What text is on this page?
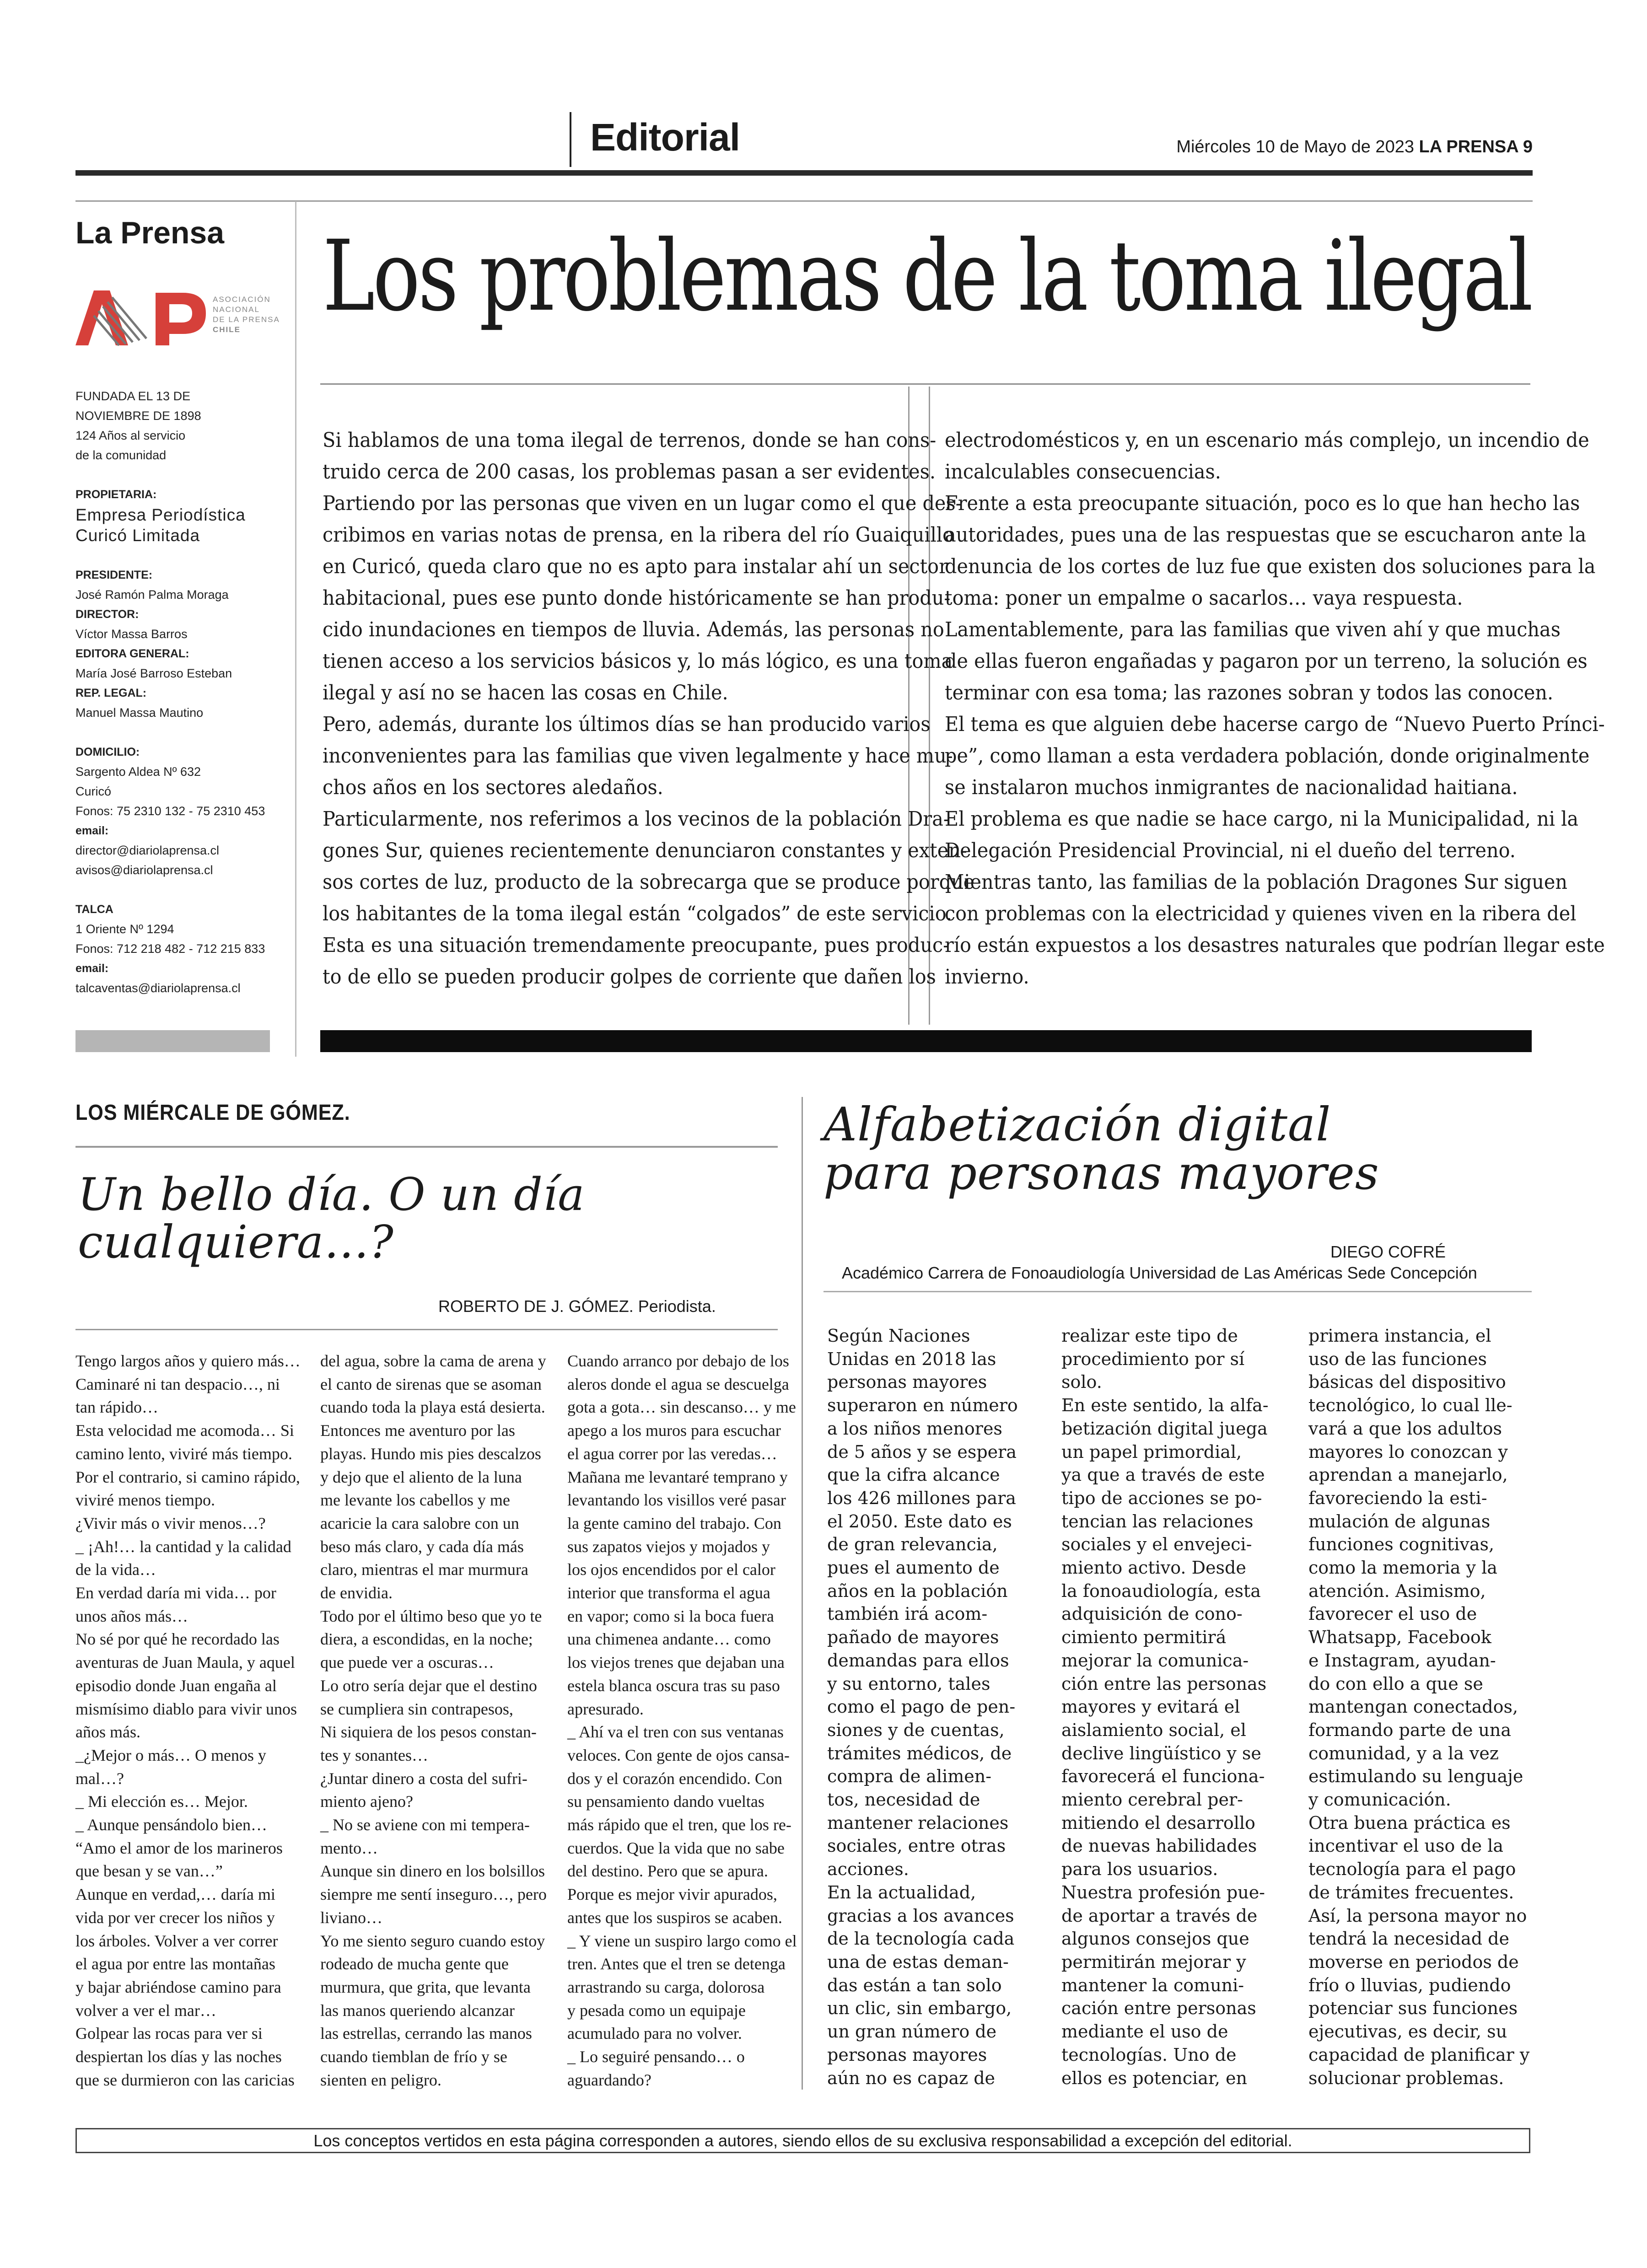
Editorial	Miércoles 10 de Mayo de 2023 LA PRENSA 9
La Prensa
ASOCIACIÓN
NACIONAL
DE LA PRENSA
CHILE
FUNDADA EL 13 DE
NOVIEMBRE DE 1898
124 Años al servicio
de la comunidad
PROPIETARIA:
Empresa Periodística
Curicó Limitada
PRESIDENTE:
José Ramón Palma Moraga
DIRECTOR:
Víctor Massa Barros
EDITORA GENERAL:
María José Barroso Esteban
REP. LEGAL:
Manuel Massa Mautino
DOMICILIO:
Sargento Aldea Nº 632
Curicó
Fonos: 75 2310 132 - 75 2310 453
email:
director@diariolaprensa.cl
avisos@diariolaprensa.cl
TALCA
1 Oriente Nº 1294
Fonos: 712 218 482 - 712 215 833
email:
talcaventas@diariolaprensa.cl
Los problemas de la toma ilegal
Si hablamos de una toma ilegal de terrenos, donde se han cons-
truido cerca de 200 casas, los problemas pasan a ser evidentes.
Partiendo por las personas que viven en un lugar como el que des-
cribimos en varias notas de prensa, en la ribera del río Guaiquillo
en Curicó, queda claro que no es apto para instalar ahí un sector
habitacional, pues ese punto donde históricamente se han produ-
cido inundaciones en tiempos de lluvia. Además, las personas no
tienen acceso a los servicios básicos y, lo más lógico, es una toma
ilegal y así no se hacen las cosas en Chile.
Pero, además, durante los últimos días se han producido varios
inconvenientes para las familias que viven legalmente y hace mu-
chos años en los sectores aledaños.
Particularmente, nos referimos a los vecinos de la población Dra-
gones Sur, quienes recientemente denunciaron constantes y exten-
sos cortes de luz, producto de la sobrecarga que se produce porque
los habitantes de la toma ilegal están “colgados” de este servicio.
Esta es una situación tremendamente preocupante, pues produc-
to de ello se pueden producir golpes de corriente que dañen los
electrodomésticos y, en un escenario más complejo, un incendio de
incalculables consecuencias.
Frente a esta preocupante situación, poco es lo que han hecho las
autoridades, pues una de las respuestas que se escucharon ante la
denuncia de los cortes de luz fue que existen dos soluciones para la
toma: poner un empalme o sacarlos… vaya respuesta.
Lamentablemente, para las familias que viven ahí y que muchas
de ellas fueron engañadas y pagaron por un terreno, la solución es
terminar con esa toma; las razones sobran y todos las conocen.
El tema es que alguien debe hacerse cargo de “Nuevo Puerto Prínci-
pe”, como llaman a esta verdadera población, donde originalmente
se instalaron muchos inmigrantes de nacionalidad haitiana.
El problema es que nadie se hace cargo, ni la Municipalidad, ni la
Delegación Presidencial Provincial, ni el dueño del terreno.
Mientras tanto, las familias de la población Dragones Sur siguen
con problemas con la electricidad y quienes viven en la ribera del
río están expuestos a los desastres naturales que podrían llegar este
invierno.
LOS MIÉRCALE DE GÓMEZ.
Un bello día. O un día
cualquiera…?
ROBERTO DE J. GÓMEZ. Periodista.
Tengo largos años y quiero más…
Caminaré ni tan despacio…, ni
tan rápido…
Esta velocidad me acomoda… Si
camino lento, viviré más tiempo.
Por el contrario, si camino rápido,
viviré menos tiempo.
¿Vivir más o vivir menos…?
_ ¡Ah!… la cantidad y la calidad
de la vida…
En verdad daría mi vida… por
unos años más…
No sé por qué he recordado las
aventuras de Juan Maula, y aquel
episodio donde Juan engaña al
mismísimo diablo para vivir unos
años más.
_¿Mejor o más… O menos y
mal…?
_ Mi elección es… Mejor.
_ Aunque pensándolo bien…
“Amo el amor de los marineros
que besan y se van…”
Aunque en verdad,… daría mi
vida por ver crecer los niños y
los árboles. Volver a ver correr
el agua por entre las montañas
y bajar abriéndose camino para
volver a ver el mar…
Golpear las rocas para ver si
despiertan los días y las noches
que se durmieron con las caricias
del agua, sobre la cama de arena y
el canto de sirenas que se asoman
cuando toda la playa está desierta.
Entonces me aventuro por las
playas. Hundo mis pies descalzos
y dejo que el aliento de la luna
me levante los cabellos y me
acaricie la cara salobre con un
beso más claro, y cada día más
claro, mientras el mar murmura
de envidia.
Todo por el último beso que yo te
diera, a escondidas, en la noche;
que puede ver a oscuras…
Lo otro sería dejar que el destino
se cumpliera sin contrapesos,
Ni siquiera de los pesos constan-
tes y sonantes…
¿Juntar dinero a costa del sufri-
miento ajeno?
_ No se aviene con mi tempera-
mento…
Aunque sin dinero en los bolsillos
siempre me sentí inseguro…, pero
liviano…
Yo me siento seguro cuando estoy
rodeado de mucha gente que
murmura, que grita, que levanta
las manos queriendo alcanzar
las estrellas, cerrando las manos
cuando tiemblan de frío y se
sienten en peligro.
Cuando arranco por debajo de los
aleros donde el agua se descuelga
gota a gota… sin descanso… y me
apego a los muros para escuchar
el agua correr por las veredas…
Mañana me levantaré temprano y
levantando los visillos veré pasar
la gente camino del trabajo. Con
sus zapatos viejos y mojados y
los ojos encendidos por el calor
interior que transforma el agua
en vapor; como si la boca fuera
una chimenea andante… como
los viejos trenes que dejaban una
estela blanca oscura tras su paso
apresurado.
_ Ahí va el tren con sus ventanas
veloces. Con gente de ojos cansa-
dos y el corazón encendido. Con
su pensamiento dando vueltas
más rápido que el tren, que los re-
cuerdos. Que la vida que no sabe
del destino. Pero que se apura.
Porque es mejor vivir apurados,
antes que los suspiros se acaben.
_ Y viene un suspiro largo como el
tren. Antes que el tren se detenga
arrastrando su carga, dolorosa
y pesada como un equipaje
acumulado para no volver.
_ Lo seguiré pensando… o
aguardando?
Alfabetización digital
para personas mayores
DIEGO COFRÉ
Académico Carrera de Fonoaudiología Universidad de Las Américas Sede Concepción
Según Naciones
Unidas en 2018 las
personas mayores
superaron en número
a los niños menores
de 5 años y se espera
que la cifra alcance
los 426 millones para
el 2050. Este dato es
de gran relevancia,
pues el aumento de
años en la población
también irá acom-
pañado de mayores
demandas para ellos
y su entorno, tales
como el pago de pen-
siones y de cuentas,
trámites médicos, de
compra de alimen-
tos, necesidad de
mantener relaciones
sociales, entre otras
acciones.
En la actualidad,
gracias a los avances
de la tecnología cada
una de estas deman-
das están a tan solo
un clic, sin embargo,
un gran número de
personas mayores
aún no es capaz de
realizar este tipo de
procedimiento por sí
solo.
En este sentido, la alfa-
betización digital juega
un papel primordial,
ya que a través de este
tipo de acciones se po-
tencian las relaciones
sociales y el envejeci-
miento activo. Desde
la fonoaudiología, esta
adquisición de cono-
cimiento permitirá
mejorar la comunica-
ción entre las personas
mayores y evitará el
aislamiento social, el
declive lingüístico y se
favorecerá el funciona-
miento cerebral per-
mitiendo el desarrollo
de nuevas habilidades
para los usuarios.
Nuestra profesión pue-
de aportar a través de
algunos consejos que
permitirán mejorar y
mantener la comuni-
cación entre personas
mediante el uso de
tecnologías. Uno de
ellos es potenciar, en
primera instancia, el
uso de las funciones
básicas del dispositivo
tecnológico, lo cual lle-
vará a que los adultos
mayores lo conozcan y
aprendan a manejarlo,
favoreciendo la esti-
mulación de algunas
funciones cognitivas,
como la memoria y la
atención. Asimismo,
favorecer el uso de
Whatsapp, Facebook
e Instagram, ayudan-
do con ello a que se
mantengan conectados,
formando parte de una
comunidad, y a la vez
estimulando su lenguaje
y comunicación.
Otra buena práctica es
incentivar el uso de la
tecnología para el pago
de trámites frecuentes.
Así, la persona mayor no
tendrá la necesidad de
moverse en periodos de
frío o lluvias, pudiendo
potenciar sus funciones
ejecutivas, es decir, su
capacidad de planificar y
solucionar problemas.
Los conceptos vertidos en esta página corresponden a autores, siendo ellos de su exclusiva responsabilidad a excepción del editorial.
